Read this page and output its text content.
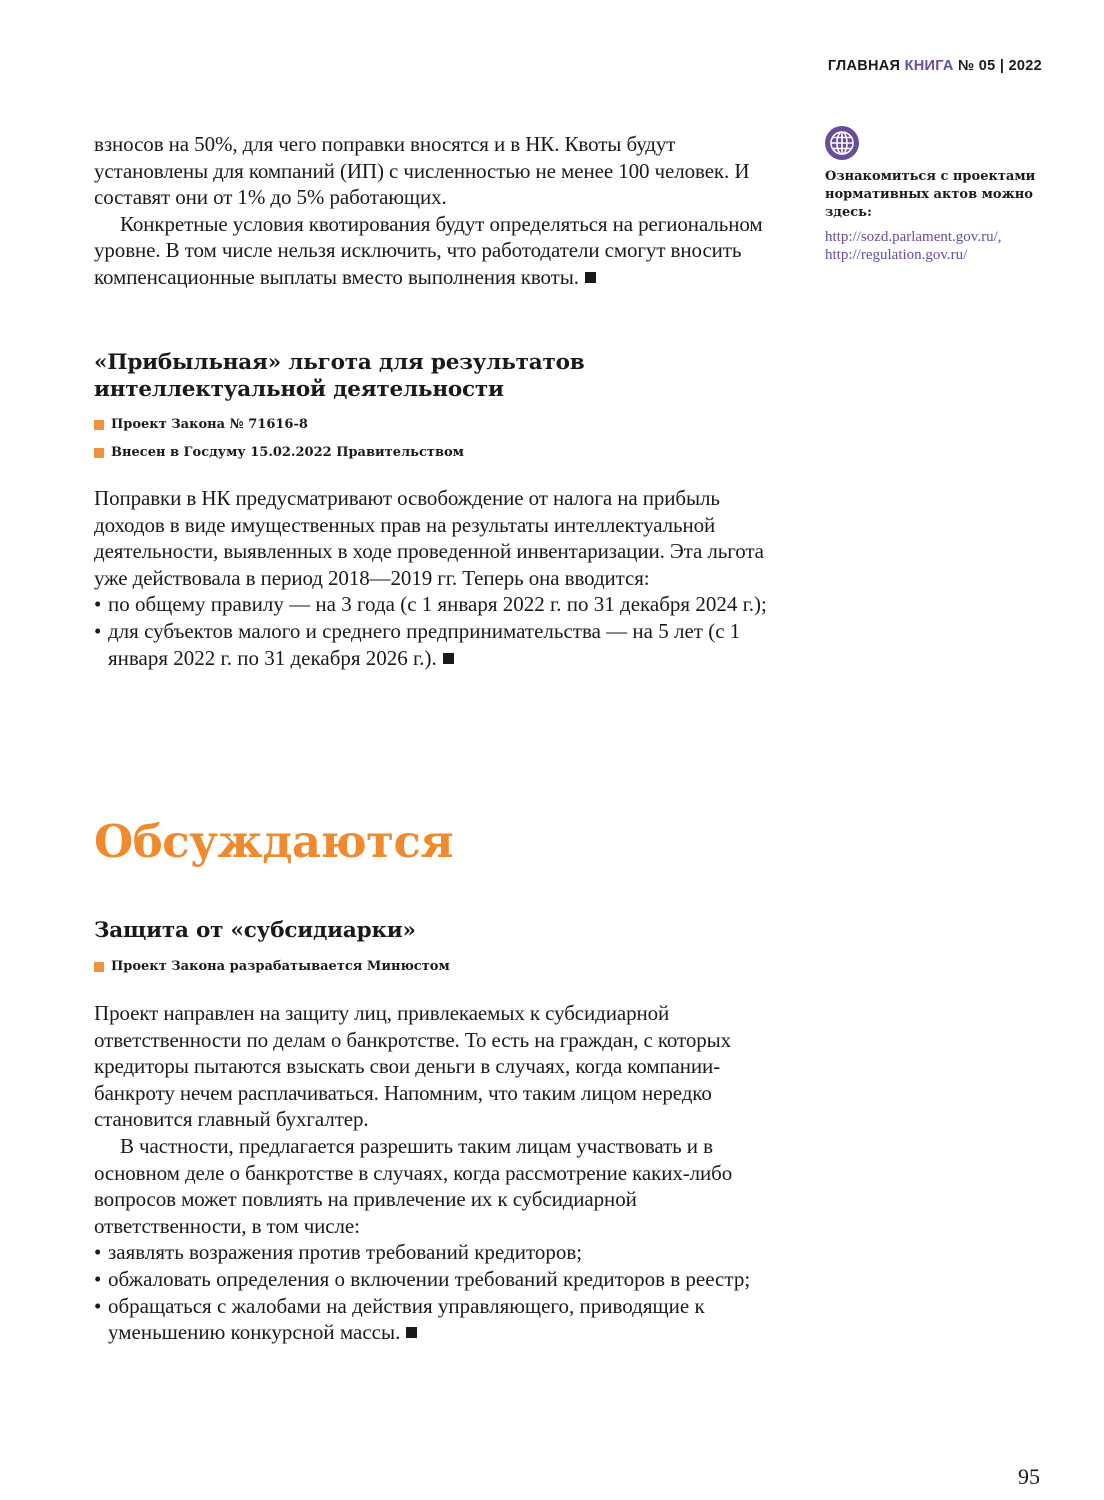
ГЛАВНАЯ КНИГА № 05 | 2022

взносов на 50%, для чего поправки вносятся и в НК. Квоты будут установлены для компаний (ИП) с численностью не менее 100 человек. И составят они от 1% до 5% работающих.

Конкретные условия квотирования будут определяться на региональном уровне. В том числе нельзя исключить, что работодатели смогут вносить компенсационные выплаты вместо выполнения квоты.

«Прибыльная» льгота для результатов интеллектуальной деятельности

Проект Закона № 71616-8

Внесен в Госдуму 15.02.2022 Правительством

Поправки в НК предусматривают освобождение от налога на прибыль доходов в виде имущественных прав на результаты интеллектуальной деятельности, выявленных в ходе проведенной инвентаризации. Эта льгота уже действовала в период 2018—2019 гг. Теперь она вводится:

• по общему правилу — на 3 года (с 1 января 2022 г. по 31 декабря 2024 г.);
• для субъектов малого и среднего предпринимательства — на 5 лет (с 1 января 2022 г. по 31 декабря 2026 г.).
Обсуждаются
Защита от «субсидиарки»

Проект Закона разрабатывается Минюстом

Проект направлен на защиту лиц, привлекаемых к субсидиарной ответственности по делам о банкротстве. То есть на граждан, с которых кредиторы пытаются взыскать свои деньги в случаях, когда компании-банкроту нечем расплачиваться. Напомним, что таким лицом нередко становится главный бухгалтер.

В частности, предлагается разрешить таким лицам участвовать и в основном деле о банкротстве в случаях, когда рассмотрение каких-либо вопросов может повлиять на привлечение их к субсидиарной ответственности, в том числе:

• заявлять возражения против требований кредиторов;
• обжаловать определения о включении требований кредиторов в реестр;
• обращаться с жалобами на действия управляющего, приводящие к уменьшению конкурсной массы.

Ознакомиться с проектами нормативных актов можно здесь:

http://sozd.parlament.gov.ru/,
http://regulation.gov.ru/
95
